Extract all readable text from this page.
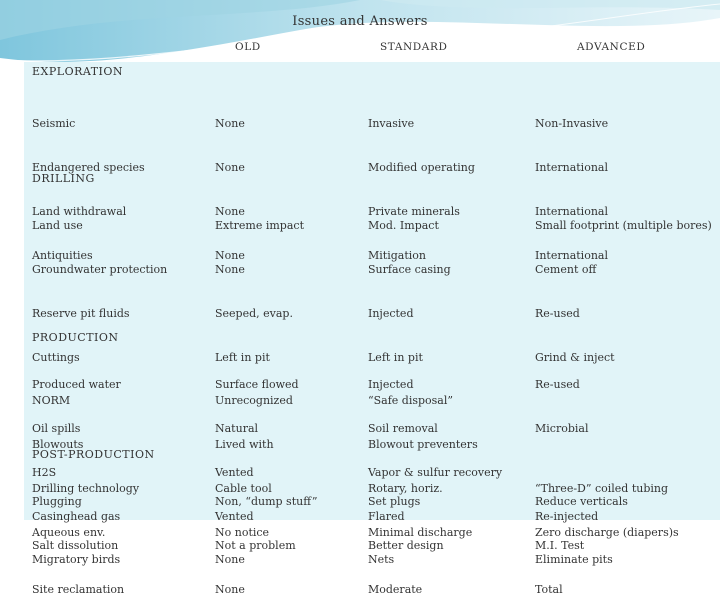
Issues and Answers
OLD	STANDARD	ADVANCED
EXPLORATION

Seismic

Endangered species

Land withdrawal

Antiquities

None

None

None

None

Invasive

Modified operating

Private minerals

Mitigation

Non-Invasive

International

International

International

DRILLING

Land use

Groundwater protection

Reserve pit fluids

Cuttings

NORM

Blowouts

Drilling technology

Aqueous env.

Extreme impact

None

Seeped, evap.

Left in pit

Unrecognized

Lived with

Cable tool

No notice

Mod. Impact

Surface casing

Injected

Left in pit

“Safe disposal”

Blowout preventers

Rotary, horiz.

Minimal discharge

Small footprint (multiple bores)

Cement off

Re-used

Grind & inject

“Three-D” coiled tubing

Zero discharge (diapers)s

PRODUCTION

Produced water

Oil spills

H2S

Casinghead gas

Migratory birds

Surface flowed

Natural

Vented

Vented

None

Injected

Soil removal

Vapor & sulfur recovery

Flared

Nets

Re-used

Microbial

Re-injected

Eliminate pits

POST-PRODUCTION

Plugging

Salt dissolution

Site reclamation

Non, “dump stuff”

Not a problem

None

Set plugs

Better design

Moderate

Reduce verticals

M.I. Test

Total
